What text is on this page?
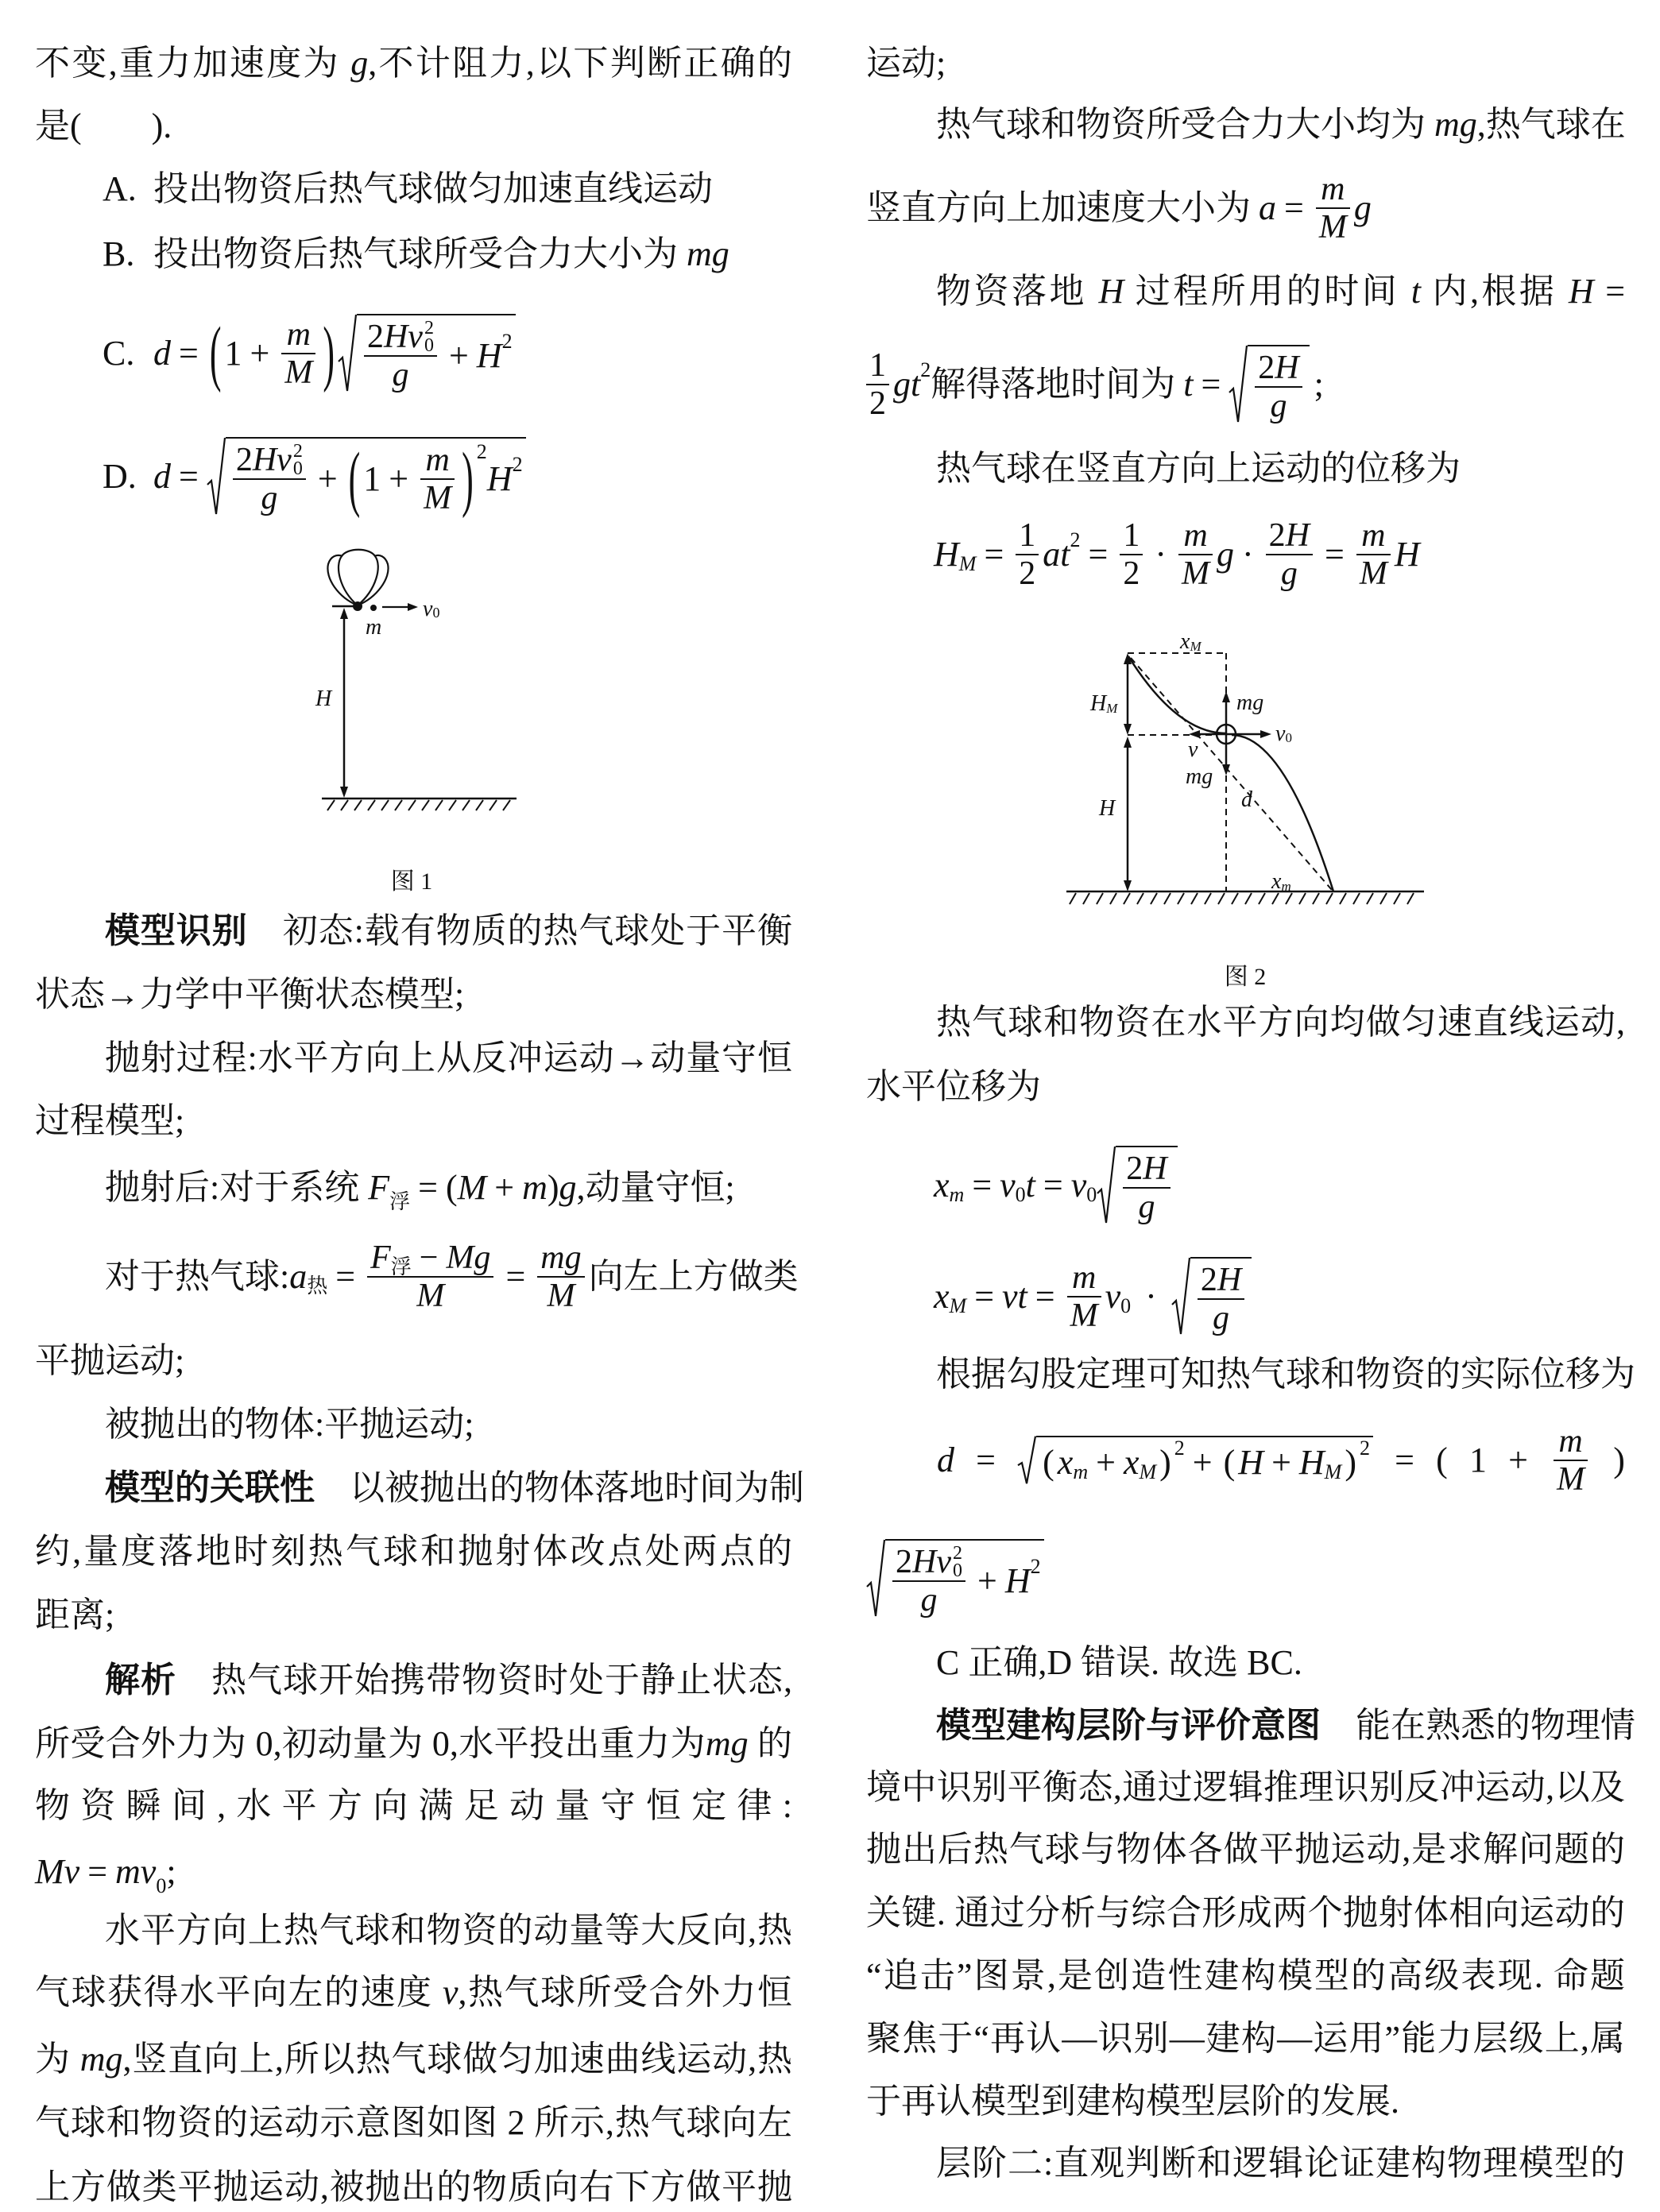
不变,重力加速度为 g,不计阻力,以下判断正确的
是(　　).
A. 投出物资后热气球做匀加速直线运动
B. 投出物资后热气球所受合力大小为 mg
C. d = ( $1 + \frac{m}{M}$ ) 2 Hv 2
0
g + H 2
D. d = 2 Hv 2
0
g + ( $1 + \frac{m}{M}$ ) 2
H 2
v0
m
H
图 1
模型识别 初态:载有物质的热气球处于平衡
状态→力学中平衡状态模型;
抛射过程:水平方向上从反冲运动→动量守恒
过程模型;
抛射后:对于系统 $F_浮 = (M + m)g$,动量守恒;
对于热气球: a 热 = $\frac{\text{F 浮 − Mg}}{M} = \frac{mg}{M}$ 向左上方做类
平抛运动;
被抛出的物体:平抛运动;
模型的关联性 以被抛出的物体落地时间为制
约,量度落地时刻热气球和抛射体改点处两点的
距离;
解析 热气球开始携带物资时处于静止状态,
所受合外力为 0,初动量为 0,水平投出重力为mg 的
物资瞬间,水平方向满足动量守恒定律:
$Mv = mv_0$;
水平方向上热气球和物资的动量等大反向,热
气球获得水平向左的速度 v,热气球所受合外力恒
为 mg,竖直向上,所以热气球做匀加速曲线运动,热
气球和物资的运动示意图如图 2 所示,热气球向左
上方做类平抛运动,被抛出的物质向右下方做平抛
运动;
热气球和物资所受合力大小均为 mg,热气球在
竖直方向上加速度大小为 $a = \frac{m}{M}$ g
物资落地 H 过程所用的时间 t 内,根据 H =
$\frac{1}{2}$ gt 2 解得落地时间为 $t = \frac{2 H}{g}$ ;
热气球在竖直方向上运动的位移为
H $M = \frac{1}{2}$ at $2 = \frac{1}{2} \cdot \frac{m}{M}$ $g \cdot \frac{2 H}{g} = \frac{m}{M}$ H
xM
HM	mg
v0
v
mg
H	d
xm
图 2
热气球和物资在水平方向均做匀速直线运动,
水平位移为
x m = v 0 t = v $0 \frac{2 H}{g}$
x M = vt = $\frac{m}{M}$ v $0 \cdot \frac{2 H}{g}$
根据勾股定理可知热气球和物资的实际位移为
d = ( x m + x M ) 2 + ( H + H M ) 2 = ( $1 + \frac{m}{M}$ )
2 Hv 2
0
g + H 2
C 正确,D 错误. 故选 BC.
模型建构层阶与评价意图 能在熟悉的物理情
境中识别平衡态,通过逻辑推理识别反冲运动,以及
抛出后热气球与物体各做平抛运动,是求解问题的
关键. 通过分析与综合形成两个抛射体相向运动的
“追击”图景,是创造性建构模型的高级表现. 命题
聚焦于“再认—识别—建构—运用”能力层级上,属
于再认模型到建构模型层阶的发展.
层阶二:直观判断和逻辑论证建构物理模型的
